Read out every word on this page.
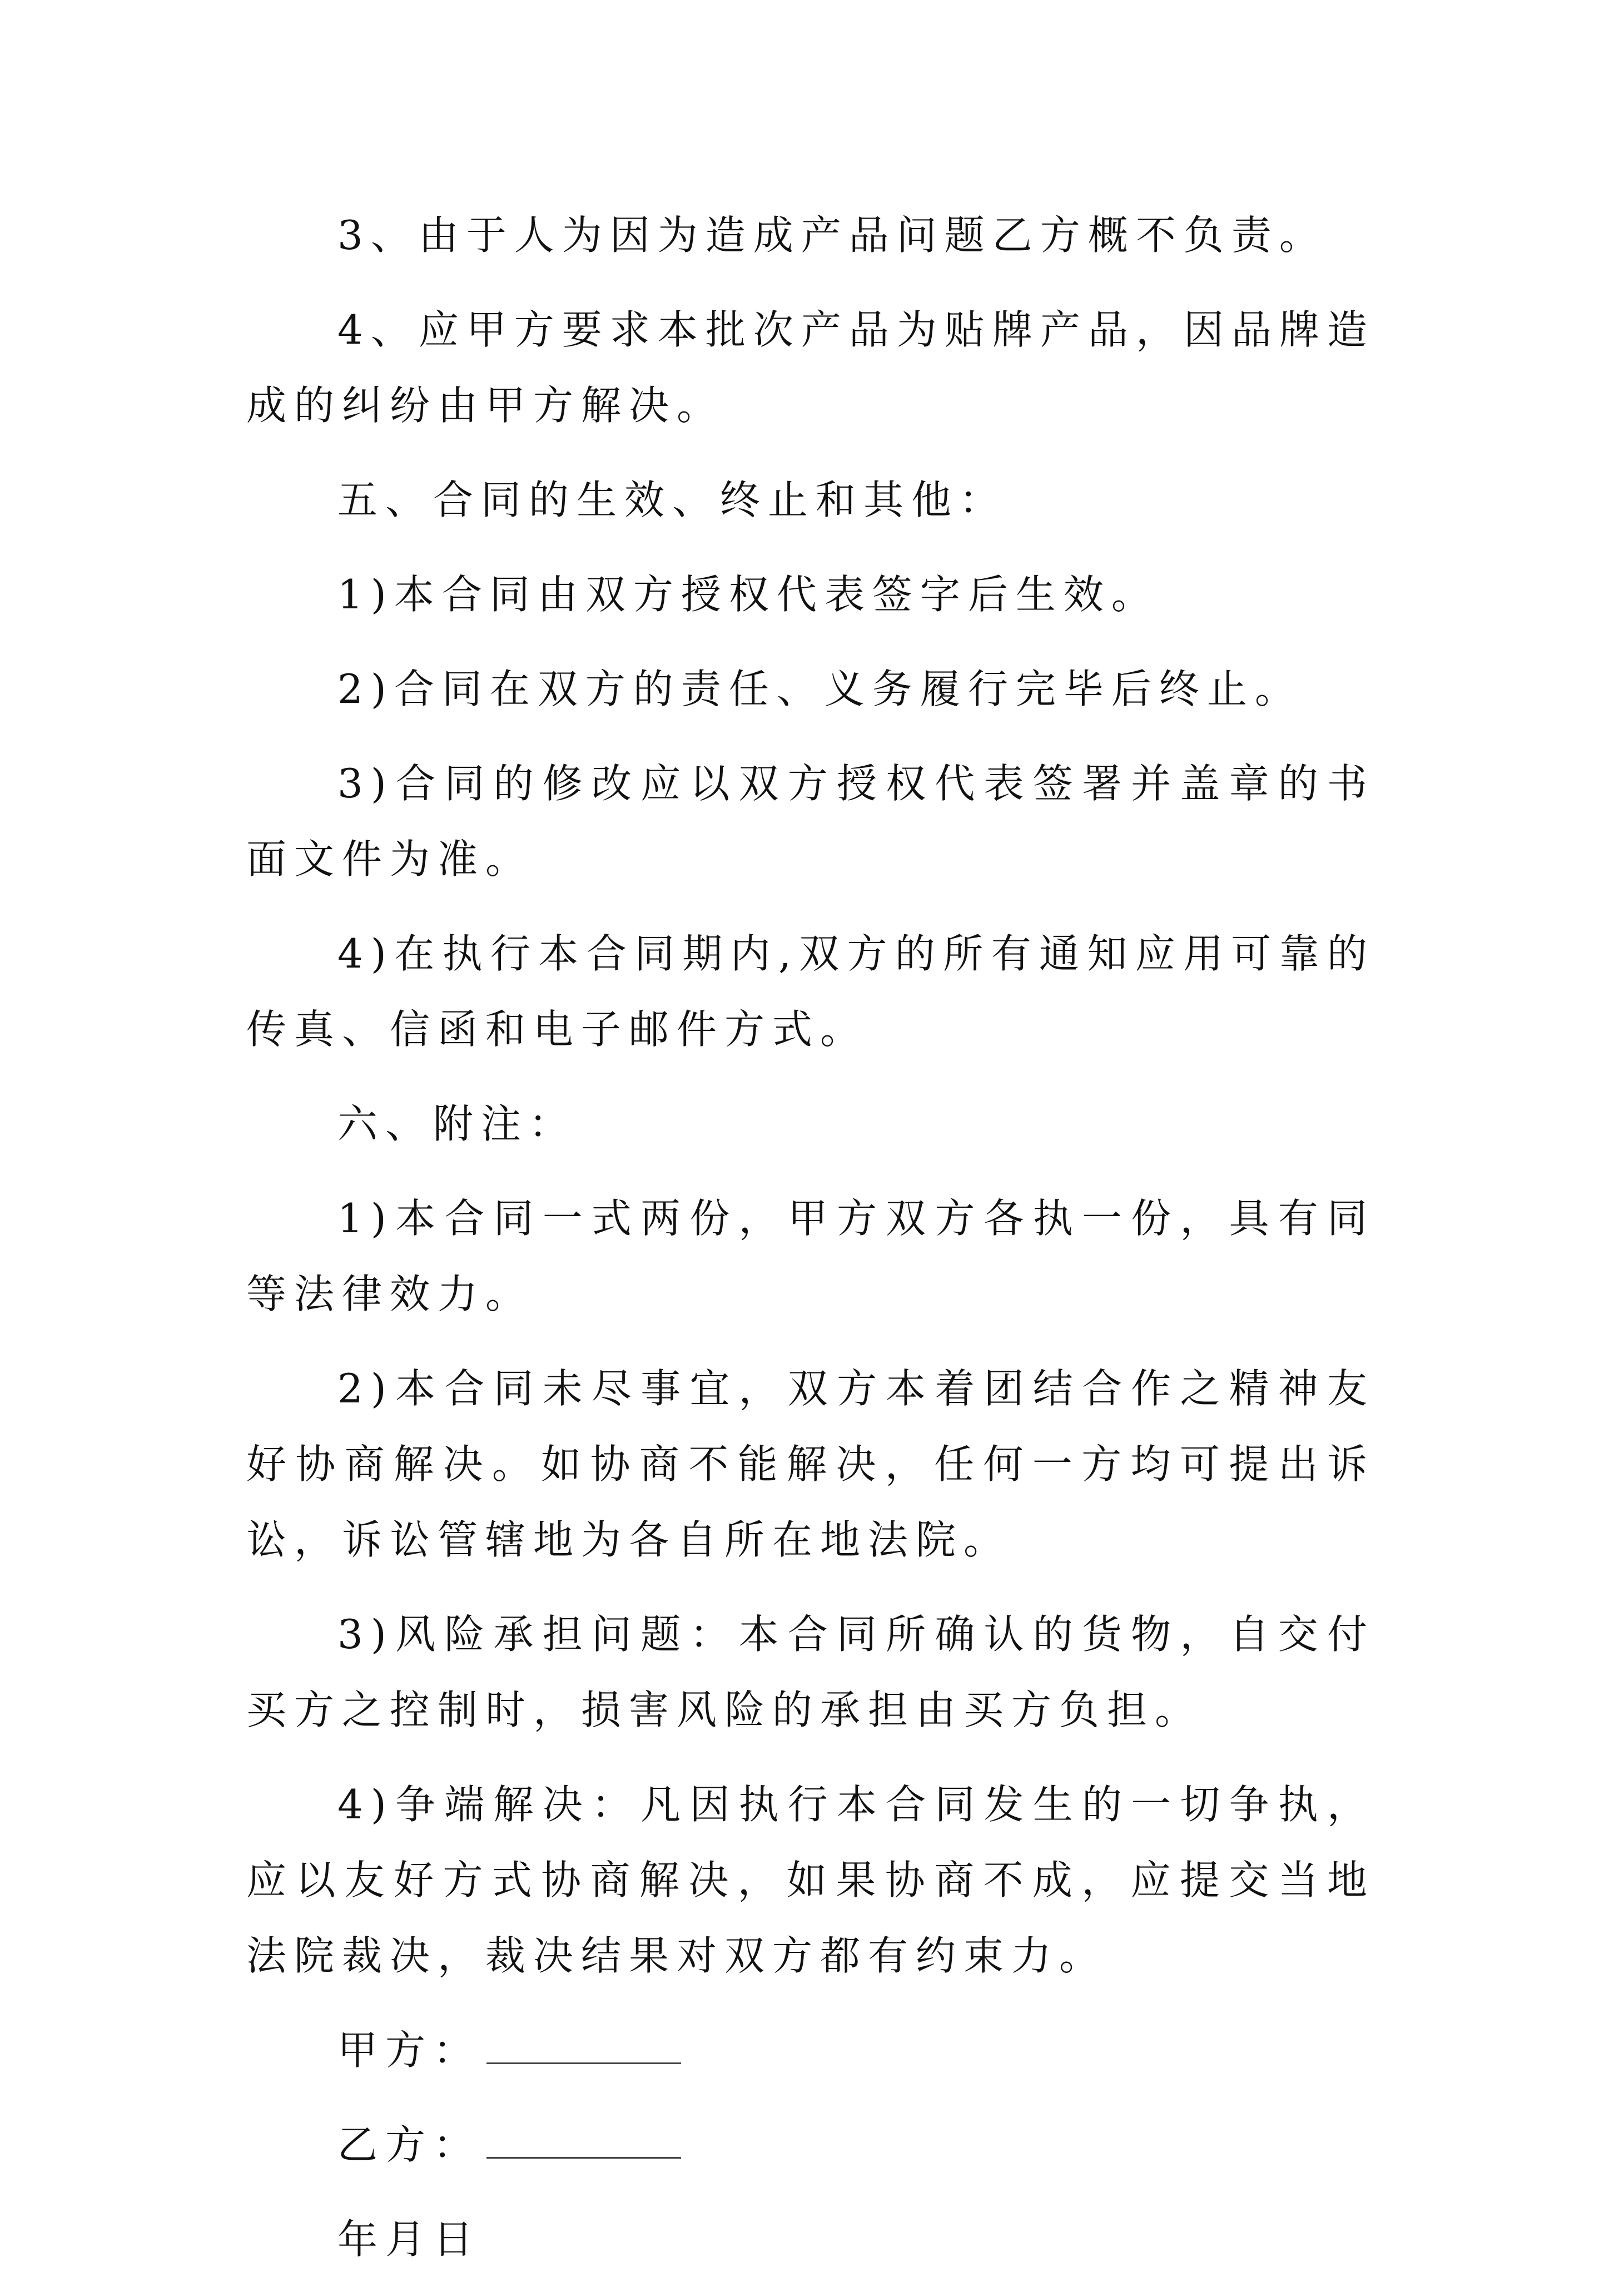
3、由于人为因为造成产品问题乙方概不负责。

4、应甲方要求本批次产品为贴牌产品，因品牌造成的纠纷由甲方解决。

五、合同的生效、终止和其他：

1)本合同由双方授权代表签字后生效。

2)合同在双方的责任、义务履行完毕后终止。

3)合同的修改应以双方授权代表签署并盖章的书面文件为准。

4)在执行本合同期内,双方的所有通知应用可靠的传真、信函和电子邮件方式。

六、附注：

1)本合同一式两份，甲方双方各执一份，具有同等法律效力。

2)本合同未尽事宜，双方本着团结合作之精神友好协商解决。如协商不能解决，任何一方均可提出诉讼，诉讼管辖地为各自所在地法院。

3)风险承担问题：本合同所确认的货物，自交付买方之控制时，损害风险的承担由买方负担。

4)争端解决：凡因执行本合同发生的一切争执，应以友好方式协商解决，如果协商不成，应提交当地法院裁决，裁决结果对双方都有约束力。

甲方：

乙方：

年月日
